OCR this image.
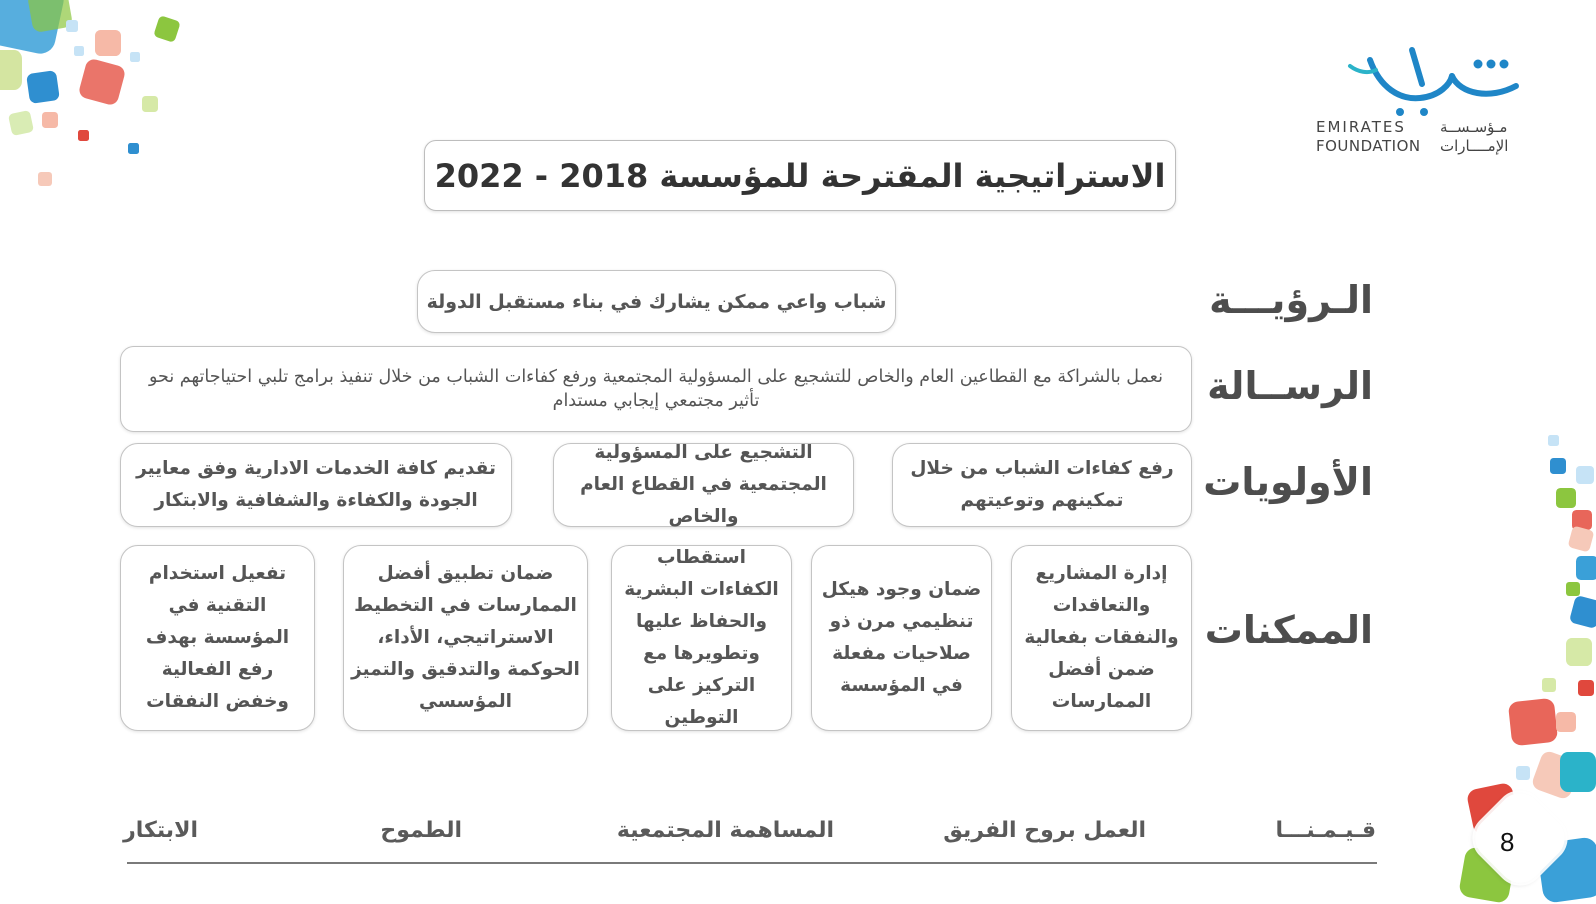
8
EMIRATES
FOUNDATION
مـؤسـســة
الإمــــارات
الاستراتيجية المقترحة للمؤسسة 2018 - 2022
الـرؤيـــة
شباب واعي ممكن يشارك في بناء مستقبل الدولة
الرســالة
نعمل بالشراكة مع القطاعين العام والخاص للتشجيع على المسؤولية المجتمعية ورفع كفاءات الشباب من خلال تنفيذ برامج تلبي احتياجاتهم نحو تأثير مجتمعي إيجابي مستدام
الأولويات
رفع كفاءات الشباب من خلال تمكينهم وتوعيتهم
التشجيع على المسؤولية المجتمعية في القطاع العام والخاص
تقديم كافة الخدمات الادارية وفق معايير الجودة والكفاءة والشفافية والابتكار
الممكنات
إدارة المشاريع والتعاقدات والنفقات بفعالية ضمن أفضل الممارسات
ضمان وجود هيكل تنظيمي مرن ذو صلاحيات مفعلة في المؤسسة
استقطاب الكفاءات البشرية والحفاظ عليها وتطويرها مع التركيز على التوطين
ضمان تطبيق أفضل الممارسات في التخطيط الاستراتيجي، الأداء، الحوكمة والتدقيق والتميز المؤسسي
تفعيل استخدام التقنية في المؤسسة بهدف رفع الفعالية وخفض النفقات
قـيـمـنـــا
العمل بروح الفريق
المساهمة المجتمعية
الطموح
الابتكار
